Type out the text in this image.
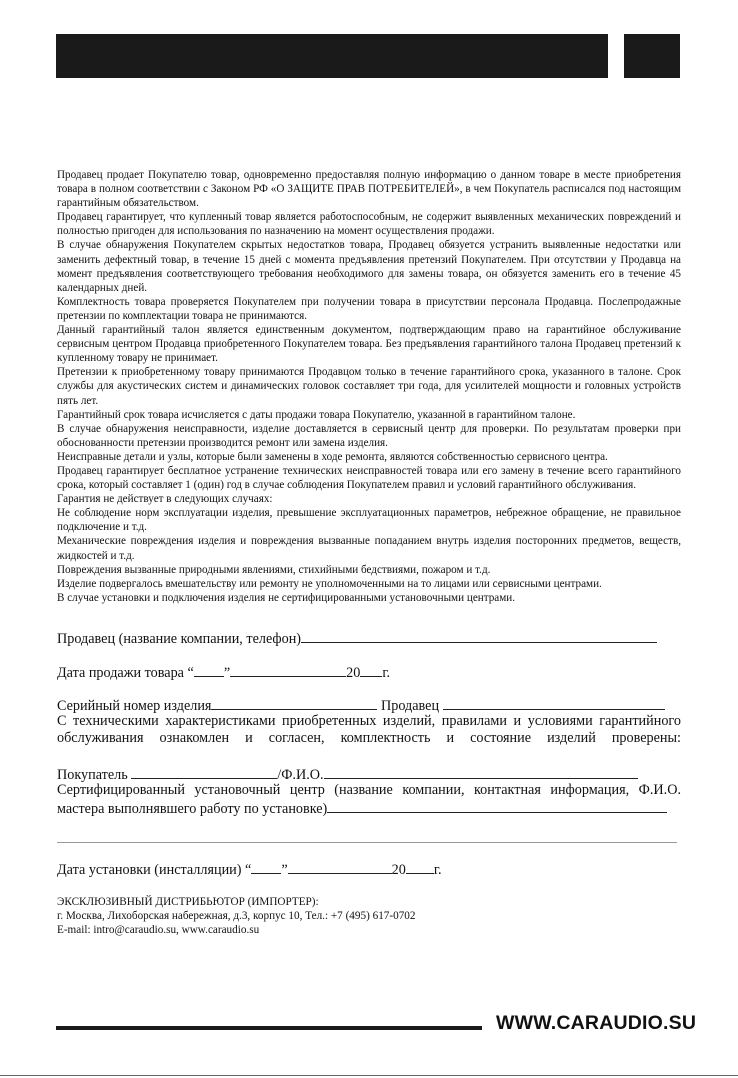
Продавец продает Покупателю товар, одновременно предоставляя полную информацию о данном товаре в месте приобретения товара в полном соответствии с Законом РФ «О ЗАЩИТЕ ПРАВ ПОТРЕБИТЕЛЕЙ», в чем Покупатель расписался под настоящим гарантийным обязательством.

Продавец гарантирует, что купленный товар является работоспособным, не содержит выявленных механических повреждений и полностью пригоден для использования по назначению на момент осуществления продажи.

В случае обнаружения Покупателем скрытых недостатков товара, Продавец обязуется устранить выявленные недостатки или заменить дефектный товар, в течение 15 дней с момента предъявления претензий Покупателем. При отсутствии у Продавца на момент предъявления соответствующего требования необходимого для замены товара, он обязуется заменить его в течение 45 календарных дней.

Комплектность товара проверяется Покупателем при получении товара в присутствии персонала Продавца. Послепродажные претензии по комплектации товара не принимаются.

Данный гарантийный талон является единственным документом, подтверждающим право на гарантийное обслуживание сервисным центром Продавца приобретенного Покупателем товара. Без предъявления гарантийного талона Продавец претензий к купленному товару не принимает.

Претензии к приобретенному товару принимаются Продавцом только в течение гарантийного срока, указанного в талоне. Срок службы для акустических систем и динамических головок составляет три года, для усилителей мощности и головных устройств пять лет.

Гарантийный срок товара исчисляется с даты продажи товара Покупателю, указанной в гарантийном талоне.

В случае обнаружения неисправности, изделие доставляется в сервисный центр для проверки. По результатам проверки при обоснованности претензии производится ремонт или замена изделия.

Неисправные детали и узлы, которые были заменены в ходе ремонта, являются собственностью сервисного центра.

Продавец гарантирует бесплатное устранение технических неисправностей товара или его замену в течение всего гарантийного срока, который составляет 1 (один) год в случае соблюдения Покупателем правил и условий гарантийного обслуживания.

Гарантия не действует в следующих случаях:

Не соблюдение норм эксплуатации изделия, превышение эксплуатационных параметров, небрежное обращение, не правильное подключение и т.д.

Механические повреждения изделия и повреждения вызванные попаданием внутрь изделия посторонних предметов, веществ, жидкостей и т.д.

Повреждения вызванные природными явлениями, стихийными бедствиями, пожаром и т.д.

Изделие подвергалось вмешательству или ремонту не уполномоченными на то лицами или сервисными центрами.

В случае установки и подключения изделия не сертифицированными установочными центрами.

Продавец (название компании, телефон)
Дата продажи товара “ ”	20 г.
Серийный номер изделия	Продавец
С техническими характеристиками приобретенных изделий, правилами и условиями гарантийного обслуживания ознакомлен и согласен, комплектность и состояние изделий проверены:
Покупатель	/Ф.И.О.
Сертифицированный установочный центр (название компании, контактная информация, Ф.И.О.
мастера выполнявшего работу по установке)
Дата установки (инсталляции) “ ”	20 г.
ЭКСКЛЮЗИВНЫЙ ДИСТРИБЬЮТОР (ИМПОРТЕР):
г. Москва, Лихоборская набережная, д.3, корпус 10, Тел.: +7 (495) 617-0702
E-mail: intro@caraudio.su, www.caraudio.su
WWW.CARAUDIO.SU
